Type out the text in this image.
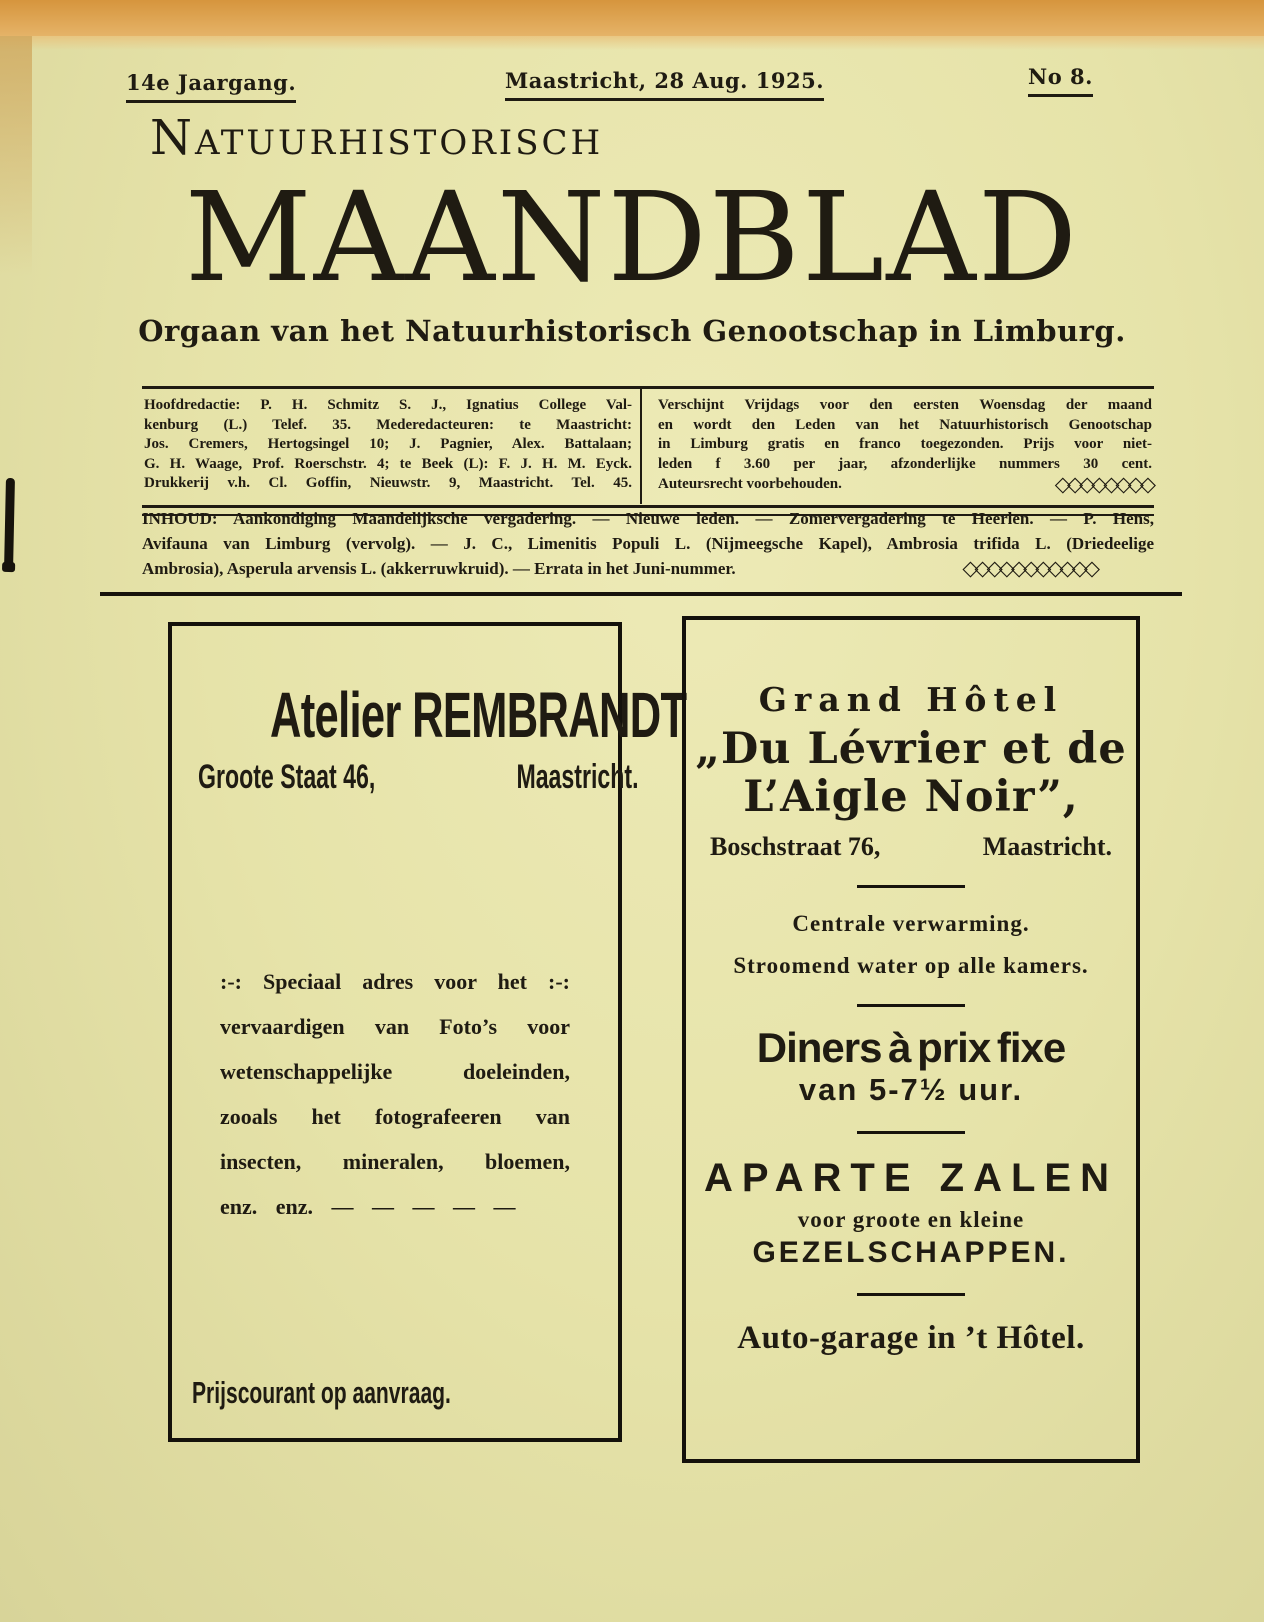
14e Jaargang.	Maastricht, 28 Aug. 1925.	No 8.
NATUURHISTORISCH
MAANDBLAD
Orgaan van het Natuurhistorisch Genootschap in Limburg.
Hoofdredactie: P. H. Schmitz S. J., Ignatius College Val-
kenburg (L.) Telef. 35. Mederedacteuren: te Maastricht:
Jos. Cremers, Hertogsingel 10; J. Pagnier, Alex. Battalaan;
G. H. Waage, Prof. Roerschstr. 4; te Beek (L): F. J. H. M. Eyck.
Drukkerij v.h. Cl. Goffin, Nieuwstr. 9, Maastricht. Tel. 45.
Verschijnt Vrijdags voor den eersten Woensdag der maand
en wordt den Leden van het Natuurhistorisch Genootschap
in Limburg gratis en franco toegezonden. Prijs voor niet-
leden f 3.60 per jaar, afzonderlijke nummers 30 cent.
Auteursrecht voorbehouden.	◇◇◇◇◇◇◇◇
INHOUD: Aankondiging Maandelijksche vergadering. — Nieuwe leden. — Zomervergadering te Heerlen. — P. Hens,
Avifauna van Limburg (vervolg). — J. C., Limenitis Populi L. (Nijmeegsche Kapel), Ambrosia trifida L. (Driedeelige
Ambrosia), Asperula arvensis L. (akkerruwkruid). — Errata in het Juni-nummer.	◇◇◇◇◇◇◇◇◇◇◇
Atelier REMBRANDT
Groote Staat 46,	Maastricht.
:-: Speciaal adres voor het :-:
vervaardigen van Foto’s voor
wetenschappelijke doeleinden,
zooals het fotografeeren van
insecten, mineralen, bloemen,
enz. enz. — — — — —
Prijscourant op aanvraag.
Grand Hôtel
„Du Lévrier et de
L’Aigle Noir”,
Boschstraat 76,	Maastricht.
Centrale verwarming.
Stroomend water op alle kamers.
Diners à prix fixe
van 5-7½ uur.
APARTE ZALEN
voor groote en kleine
GEZELSCHAPPEN.
Auto-garage in ’t Hôtel.
